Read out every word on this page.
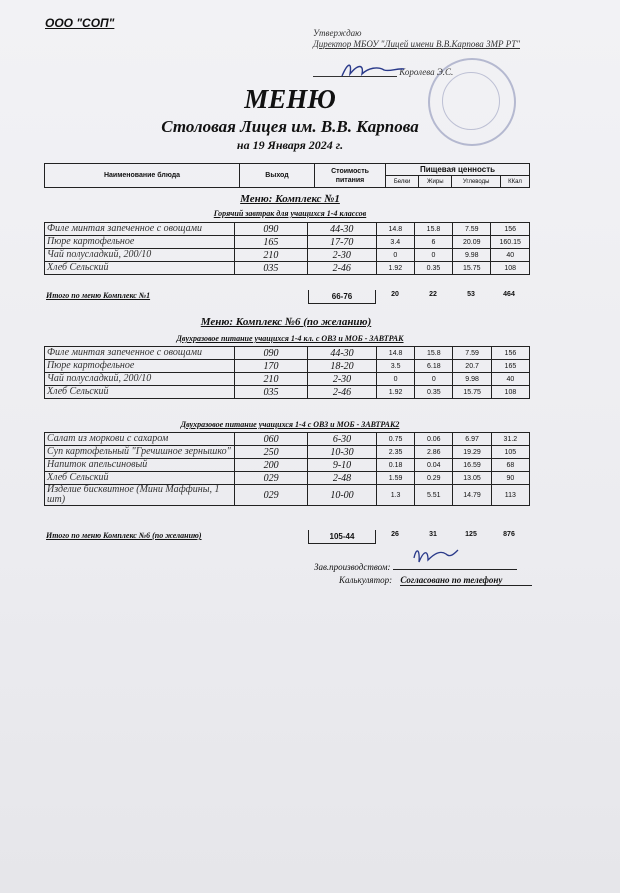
ООО "СОП"
Утверждаю
Директор МБОУ "Лицей имени В.В.Карпова ЗМР РТ"
Королева Э.С.
МЕНЮ
Столовая Лицея им. В.В. Карпова
на 19 Января 2024 г.
Наименование блюда	Выход	Стоимость
питания	Пищевая ценность			
			Белки	Жиры	Углеводы	ККал
Меню: Комплекс №1
Горячий завтрак для учащихся 1-4 классов
Филе минтая запеченное с овощами	090	44-30	14.8	15.8	7.59	156
Пюре картофельное	165	17-70	3.4	6	20.09	160.15
Чай полусладкий, 200/10	210	2-30	0	0	9.98	40
Хлеб Сельский	035	2-46	1.92	0.35	15.75	108
Итого по меню Комплекс №1	66-76	20	22	53	464
Меню: Комплекс №6 (по желанию)
Двухразовое питание учащихся 1-4 кл. с ОВЗ и МОБ - ЗАВТРАК
Филе минтая запеченное с овощами	090	44-30	14.8	15.8	7.59	156
Пюре картофельное	170	18-20	3.5	6.18	20.7	165
Чай полусладкий, 200/10	210	2-30	0	0	9.98	40
Хлеб Сельский	035	2-46	1.92	0.35	15.75	108
Двухразовое питание учащихся 1-4 с ОВЗ и МОБ - ЗАВТРАК2
Салат из моркови с сахаром	060	6-30	0.75	0.06	6.97	31.2
Суп картофельный "Гречишное зернышко"	250	10-30	2.35	2.86	19.29	105
Напиток апельсиновый	200	9-10	0.18	0.04	16.59	68
Хлеб Сельский	029	2-48	1.59	0.29	13.05	90
Изделие бисквитное (Мини Маффины, 1 шт)	029	10-00	1.3	5.51	14.79	113
Итого по меню Комплекс №6 (по желанию)	105-44	26	31	125	876
Зав.производством:
Калькулятор: Согласовано по телефону
